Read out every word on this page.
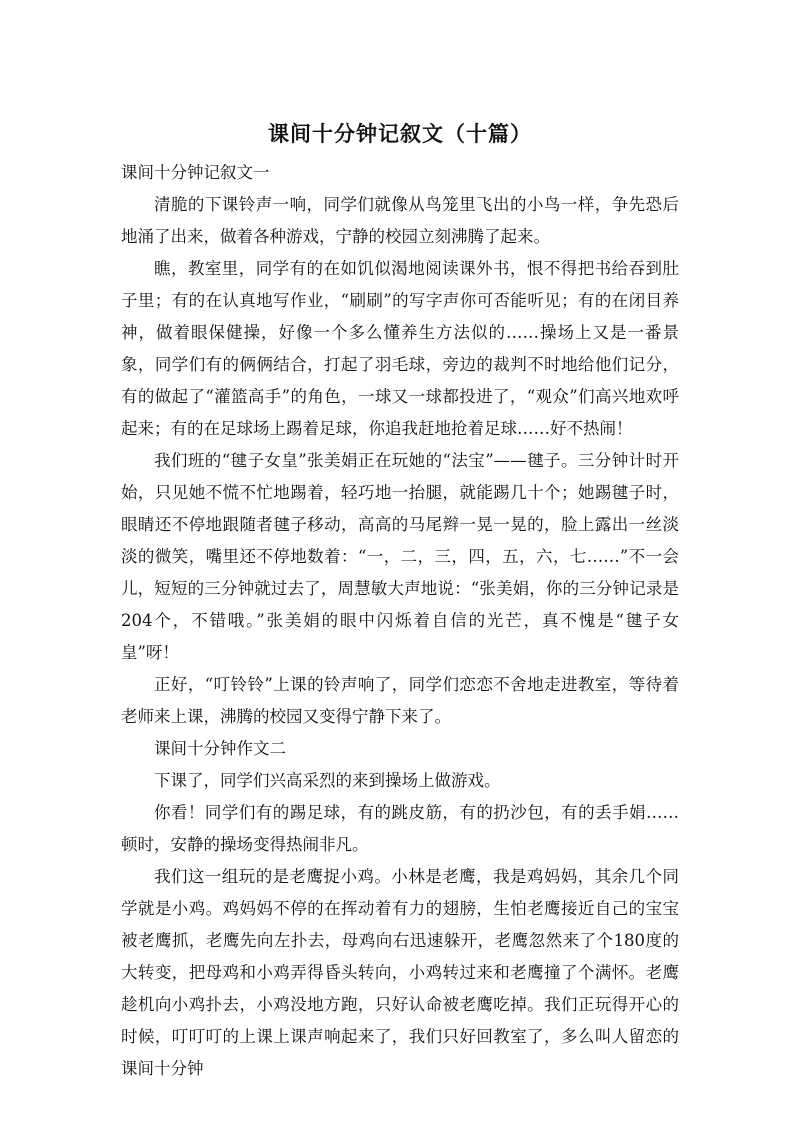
课间十分钟记叙文（十篇）

课间十分钟记叙文一

清脆的下课铃声一响，同学们就像从鸟笼里飞出的小鸟一样，争先恐后地涌了出来，做着各种游戏，宁静的校园立刻沸腾了起来。

瞧，教室里，同学有的在如饥似渴地阅读课外书，恨不得把书给吞到肚子里；有的在认真地写作业，“刷刷”的写字声你可否能听见；有的在闭目养神，做着眼保健操，好像一个多么懂养生方法似的……操场上又是一番景象，同学们有的俩俩结合，打起了羽毛球，旁边的裁判不时地给他们记分，有的做起了“灌篮高手”的角色，一球又一球都投进了，“观众”们高兴地欢呼起来；有的在足球场上踢着足球，你追我赶地抢着足球……好不热闹！

我们班的“毽子女皇”张美娟正在玩她的“法宝”——毽子。三分钟计时开始，只见她不慌不忙地踢着，轻巧地一抬腿，就能踢几十个；她踢毽子时，眼睛还不停地跟随者毽子移动，高高的马尾辫一晃一晃的，脸上露出一丝淡淡的微笑，嘴里还不停地数着：“一，二，三，四，五，六，七……”不一会儿，短短的三分钟就过去了，周慧敏大声地说：“张美娟，你的三分钟记录是204个，不错哦。”张美娟的眼中闪烁着自信的光芒，真不愧是“毽子女皇”呀！

正好，“叮铃铃”上课的铃声响了，同学们恋恋不舍地走进教室，等待着老师来上课，沸腾的校园又变得宁静下来了。

课间十分钟作文二

下课了，同学们兴高采烈的来到操场上做游戏。

你看！同学们有的踢足球，有的跳皮筋，有的扔沙包，有的丢手娟……顿时，安静的操场变得热闹非凡。

我们这一组玩的是老鹰捉小鸡。小林是老鹰，我是鸡妈妈，其余几个同学就是小鸡。鸡妈妈不停的在挥动着有力的翅膀，生怕老鹰接近自己的宝宝被老鹰抓，老鹰先向左扑去，母鸡向右迅速躲开，老鹰忽然来了个180度的大转变，把母鸡和小鸡弄得昏头转向，小鸡转过来和老鹰撞了个满怀。老鹰趁机向小鸡扑去，小鸡没地方跑，只好认命被老鹰吃掉。我们正玩得开心的时候，叮叮叮的上课上课声响起来了，我们只好回教室了，多么叫人留恋的课间十分钟
